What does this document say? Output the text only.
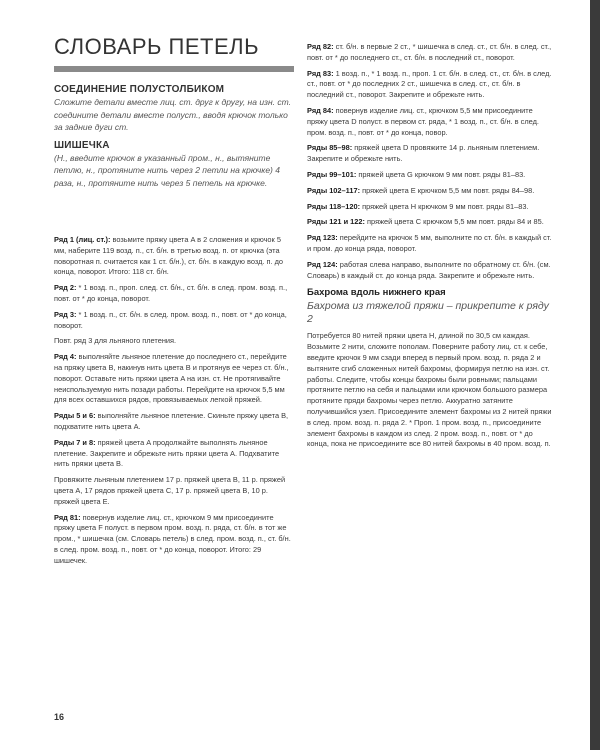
СЛОВАРЬ ПЕТЕЛЬ

СОЕДИНЕНИЕ ПОЛУСТОЛБИКОМ

Сложите детали вместе лиц. ст. друг к другу, на изн. ст. соедините детали вместе полуст., вводя крючок только за задние дуги ст.

ШИШЕЧКА

(Н., введите крючок в указанный пром., н., вытяните петлю, н., протяните нить через 2 петли на крючке) 4 раза, н., протяните нить через 5 петель на крючке.

Ряд 1 (лиц. ст.): возьмите пряжу цвета A в 2 сложения и крючок 5 мм, наберите 119 возд. п., ст. б/н. в третью возд. п. от крючка (эта поворотная п. считается как 1 ст. б/н.), ст. б/н. в каждую возд. п. до конца, поворот. Итого: 118 ст. б/н.

Ряд 2: * 1 возд. п., проп. след. ст. б/н., ст. б/н. в след. пром. возд. п., повт. от * до конца, поворот.

Ряд 3: * 1 возд. п., ст. б/н. в след. пром. возд. п., повт. от * до конца, поворот.

Повт. ряд 3 для льняного плетения.

Ряд 4: выполняйте льняное плетение до последнего ст., перейдите на пряжу цвета B, накинув нить цвета B и протянув ее через ст. б/н., поворот. Оставьте нить пряжи цвета A на изн. ст. Не протягивайте неиспользуемую нить позади работы. Перейдите на крючок 5,5 мм для всех оставшихся рядов, провязываемых легкой пряжей.

Ряды 5 и 6: выполняйте льняное плетение. Скиньте пряжу цвета B, подхватите нить цвета A.

Ряды 7 и 8: пряжей цвета A продолжайте выполнять льняное плетение. Закрепите и обрежьте нить пряжи цвета A. Подхватите нить пряжи цвета B.

Провяжите льняным плетением 17 р. пряжей цвета B, 11 р. пряжей цвета A, 17 рядов пряжей цвета C, 17 р. пряжей цвета B, 10 р. пряжей цвета E.

Ряд 81: повернув изделие лиц. ст., крючком 9 мм присоедините пряжу цвета F полуст. в первом пром. возд. п. ряда, ст. б/н. в тот же пром., * шишечка (см. Словарь петель) в след. пром. возд. п., ст. б/н. в след. пром. возд. п., повт. от * до конца, поворот. Итого: 29 шишечек.

Ряд 82: ст. б/н. в первые 2 ст., * шишечка в след. ст., ст. б/н. в след. ст., повт. от * до последнего ст., ст. б/н. в последний ст., поворот.

Ряд 83: 1 возд. п., * 1 возд. п., проп. 1 ст. б/н. в след. ст., ст. б/н. в след. ст., повт. от * до последних 2 ст., шишечка в след. ст., ст. б/н. в последний ст., поворот. Закрепите и обрежьте нить.

Ряд 84: повернув изделие лиц. ст., крючком 5,5 мм присоедините пряжу цвета D полуст. в первом ст. ряда, * 1 возд. п., ст. б/н. в след. пром. возд. п., повт. от * до конца, повор.

Ряды 85–98: пряжей цвета D провяжите 14 р. льняным плетением. Закрепите и обрежьте нить.

Ряды 99–101: пряжей цвета G крючком 9 мм повт. ряды 81–83.

Ряды 102–117: пряжей цвета E крючком 5,5 мм повт. ряды 84–98.

Ряды 118–120: пряжей цвета H крючком 9 мм повт. ряды 81–83.

Ряды 121 и 122: пряжей цвета C крючком 5,5 мм повт. ряды 84 и 85.

Ряд 123: перейдите на крючок 5 мм, выполните по ст. б/н. в каждый ст. и пром. до конца ряда, поворот.

Ряд 124: работая слева направо, выполните по обратному ст. б/н. (см. Словарь) в каждый ст. до конца ряда. Закрепите и обрежьте нить.

Бахрома вдоль нижнего края

Бахрома из тяжелой пряжи – прикрепите к ряду 2

Потребуется 80 нитей пряжи цвета H, длиной по 30,5 см каждая. Возьмите 2 нити, сложите пополам. Поверните работу лиц. ст. к себе, введите крючок 9 мм сзади вперед в первый пром. возд. п. ряда 2 и вытяните сгиб сложенных нитей бахромы, формируя петлю на изн. ст. работы. Следите, чтобы концы бахромы были ровными; пальцами протяните петлю на себя и пальцами или крючком большого размера протяните пряди бахромы через петлю. Аккуратно затяните получившийся узел. Присоедините элемент бахромы из 2 нитей пряжи в след. пром. возд. п. ряда 2. * Проп. 1 пром. возд. п., присоедините элемент бахромы в каждом из след. 2 пром. возд. п., повт. от * до конца, пока не присоедините все 80 нитей бахромы в 40 пром. возд. п.

16
